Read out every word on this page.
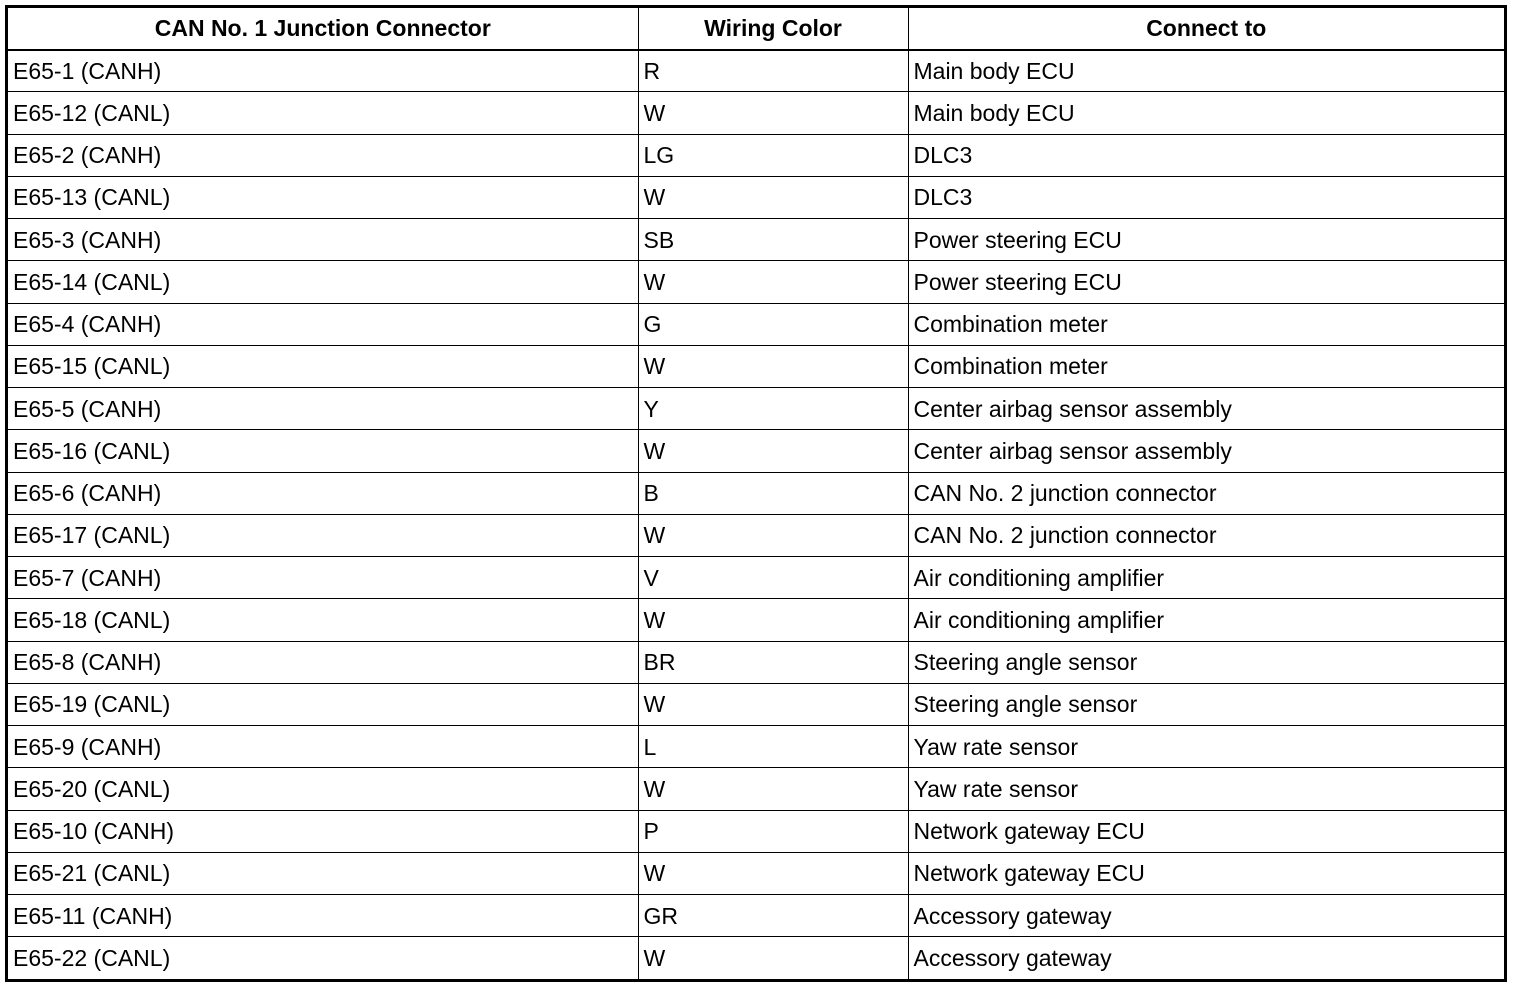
CAN No. 1 Junction Connector	Wiring Color	Connect to
E65-1 (CANH)	R	Main body ECU
E65-12 (CANL)	W	Main body ECU
E65-2 (CANH)	LG	DLC3
E65-13 (CANL)	W	DLC3
E65-3 (CANH)	SB	Power steering ECU
E65-14 (CANL)	W	Power steering ECU
E65-4 (CANH)	G	Combination meter
E65-15 (CANL)	W	Combination meter
E65-5 (CANH)	Y	Center airbag sensor assembly
E65-16 (CANL)	W	Center airbag sensor assembly
E65-6 (CANH)	B	CAN No. 2 junction connector
E65-17 (CANL)	W	CAN No. 2 junction connector
E65-7 (CANH)	V	Air conditioning amplifier
E65-18 (CANL)	W	Air conditioning amplifier
E65-8 (CANH)	BR	Steering angle sensor
E65-19 (CANL)	W	Steering angle sensor
E65-9 (CANH)	L	Yaw rate sensor
E65-20 (CANL)	W	Yaw rate sensor
E65-10 (CANH)	P	Network gateway ECU
E65-21 (CANL)	W	Network gateway ECU
E65-11 (CANH)	GR	Accessory gateway
E65-22 (CANL)	W	Accessory gateway
